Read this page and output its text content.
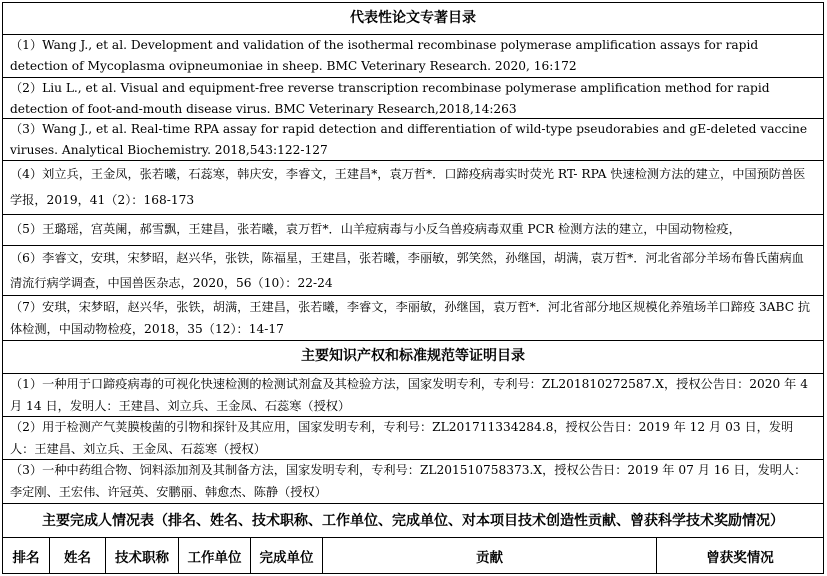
代表性论文专著目录
（1）Wang J., et al. Development and validation of the isothermal recombinase polymerase amplification assays for rapid detection of Mycoplasma ovipneumoniae in sheep. BMC Veterinary Research. 2020, 16:172
（2）Liu L., et al. Visual and equipment-free reverse transcription recombinase polymerase amplification method for rapid detection of foot-and-mouth disease virus. BMC Veterinary Research,2018,14:263
（3）Wang J., et al. Real-time RPA assay for rapid detection and differentiation of wild-type pseudorabies and gE-deleted vaccine viruses. Analytical Biochemistry. 2018,543:122-127
（4）刘立兵，王金凤，张若曦，石蕊寒，韩庆安，李睿文，王建昌*，袁万哲*．口蹄疫病毒实时荧光 RT- RPA 快速检测方法的建立，中国预防兽医学报，2019，41（2）：168-173
（5）王璐瑶，宫英阑，郝雪飘，王建昌，张若曦，袁万哲*．山羊痘病毒与小反刍兽疫病毒双重 PCR 检测方法的建立，中国动物检疫，
（6）李睿文，安琪，宋梦昭，赵兴华，张铁，陈福星，王建昌，张若曦，李丽敏，郭笑然，孙继国，胡满，袁万哲*．河北省部分羊场布鲁氏菌病血清流行病学调查，中国兽医杂志，2020，56（10）：22-24
（7）安琪，宋梦昭，赵兴华，张铁，胡满，王建昌，张若曦，李睿文，李丽敏，孙继国，袁万哲*．河北省部分地区规模化养殖场羊口蹄疫 3ABC 抗体检测，中国动物检疫，2018，35（12）：14-17
主要知识产权和标准规范等证明目录
（1）一种用于口蹄疫病毒的可视化快速检测的检测试剂盒及其检验方法，国家发明专利，专利号：ZL201810272587.X，授权公告日：2020 年 4 月 14 日，发明人：王建昌、刘立兵、王金凤、石蕊寒（授权）
（2）用于检测产气荚膜梭菌的引物和探针及其应用，国家发明专利，专利号：ZL201711334284.8，授权公告日：2019 年 12 月 03 日，发明人：王建昌、刘立兵、王金凤、石蕊寒（授权）
（3）一种中药组合物、饲料添加剂及其制备方法，国家发明专利，专利号：ZL201510758373.X，授权公告日：2019 年 07 月 16 日，发明人：李定刚、王宏伟、许冠英、安鹏丽、韩愈杰、陈静（授权）
主要完成人情况表（排名、姓名、技术职称、工作单位、完成单位、对本项目技术创造性贡献、曾获科学技术奖励情况）
排名	姓名	技术职称	工作单位	完成单位	贡献	曾获奖情况
